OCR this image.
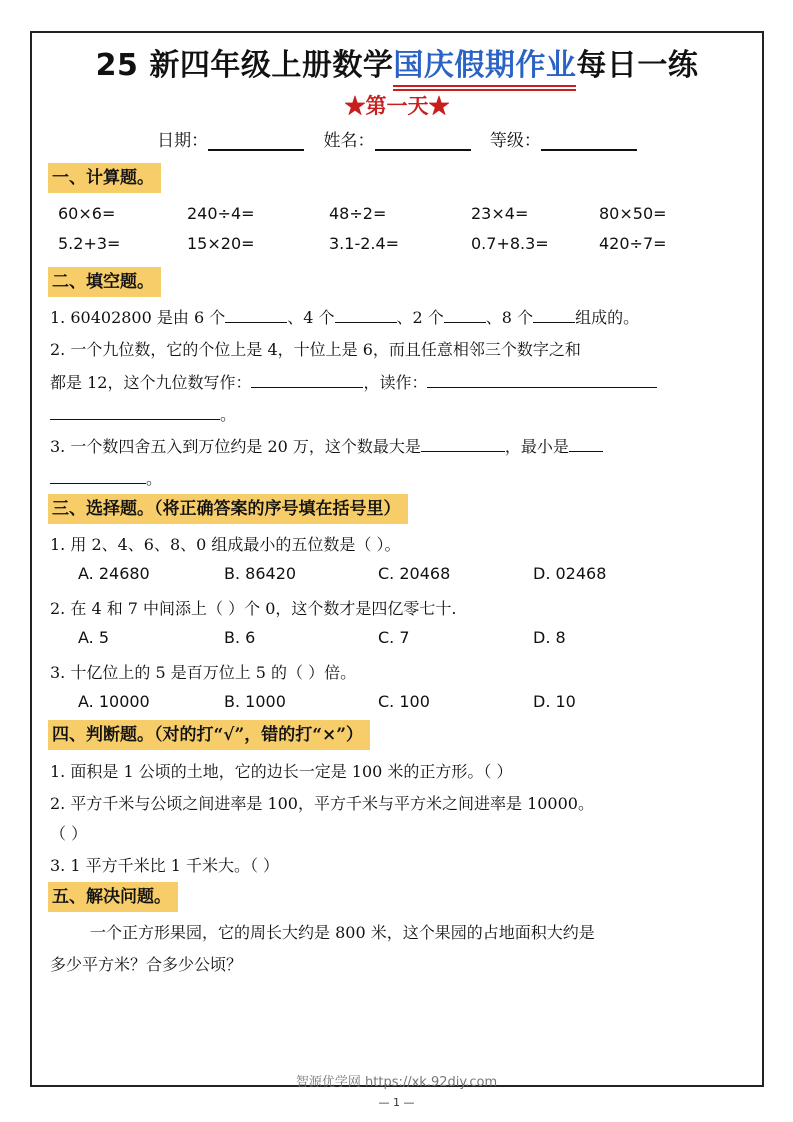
25 新四年级上册数学国庆假期作业
每日一练
★第一天★
日期：	姓名：	等级：
一、计算题。
60×6=	240÷4=	48÷2=	23×4=	80×50=
5.2+3=	15×20=	3.1-2.4=	0.7+8.3=	420÷7=
二、填空题。
1. 60402800 是由 6 个	、4 个	、2 个	、8 个	组成的。
2. 一个九位数，它的个位上是 4，十位上是 6，而且任意相邻三个数字之和
都是 12，这个九位数写作：	，读作：
。
3. 一个数四舍五入到万位约是 20 万，这个数最大是	，最小是
。
三、选择题。（将正确答案的序号填在括号里）
1. 用 2、4、6、8、0 组成最小的五位数是（ ）。
A. 24680	B. 86420	C. 20468	D. 02468
2. 在 4 和 7 中间添上（ ）个 0，这个数才是四亿零七十.
A. 5	B. 6	C. 7	D. 8
3. 十亿位上的 5 是百万位上 5 的（ ）倍。
A. 10000	B. 1000	C. 100	D. 10
四、判断题。（对的打“√”，错的打“×”）
1. 面积是 1 公顷的土地，它的边长一定是 100 米的正方形。（ ）
2. 平方千米与公顷之间进率是 100，平方千米与平方米之间进率是 10000。
（ ）
3. 1 平方千米比 1 千米大。（ ）
五、解决问题。
一个正方形果园，它的周长大约是 800 米，这个果园的占地面积大约是
多少平方米？合多少公顷？
智源优学网 https://xk.92diy.com
— 1 —
